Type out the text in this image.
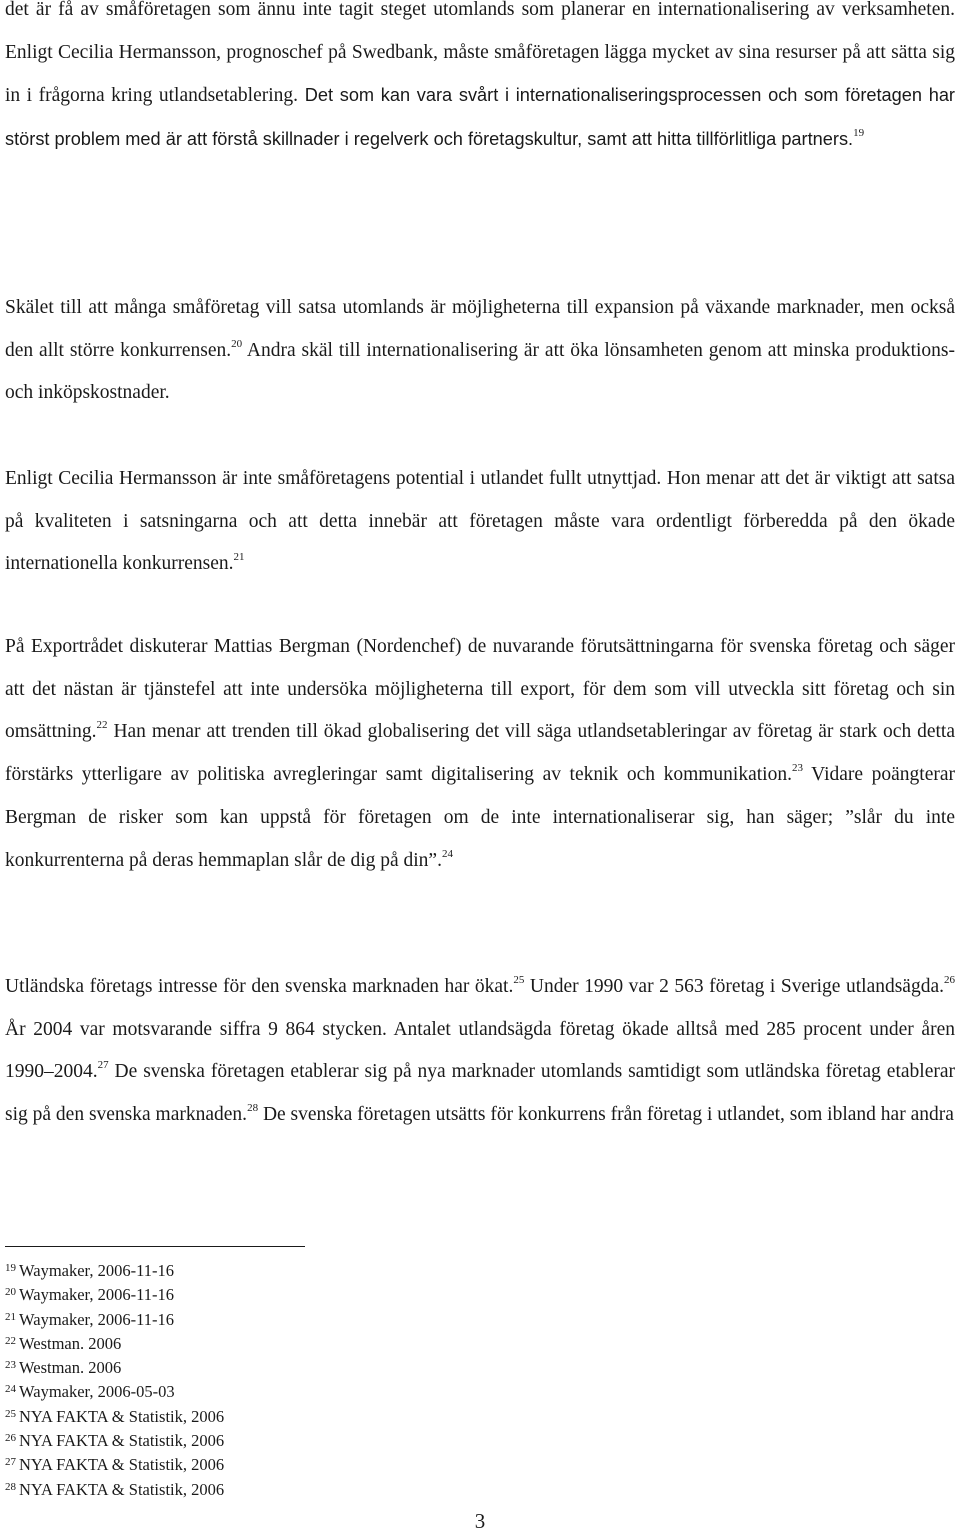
det är få av småföretagen som ännu inte tagit steget utomlands som planerar en internationalisering av verksamheten. Enligt Cecilia Hermansson, prognoschef på Swedbank, måste småföretagen lägga mycket av sina resurser på att sätta sig in i frågorna kring utlandsetablering. Det som kan vara svårt i internationaliseringsprocessen och som företagen har störst problem med är att förstå skillnader i regelverk och företagskultur, samt att hitta tillförlitliga partners.$^{19}$

Skälet till att många småföretag vill satsa utomlands är möjligheterna till expansion på växande marknader, men också den allt större konkurrensen.$^{20}$ Andra skäl till internationalisering är att öka lönsamheten genom att minska produktions- och inköpskostnader.

Enligt Cecilia Hermansson är inte småföretagens potential i utlandet fullt utnyttjad. Hon menar att det är viktigt att satsa på kvaliteten i satsningarna och att detta innebär att företagen måste vara ordentligt förberedda på den ökade internationella konkurrensen.$^{21}$

På Exportrådet diskuterar Mattias Bergman (Nordenchef) de nuvarande förutsättningarna för svenska företag och säger att det nästan är tjänstefel att inte undersöka möjligheterna till export, för dem som vill utveckla sitt företag och sin omsättning.$^{22}$ Han menar att trenden till ökad globalisering det vill säga utlandsetableringar av företag är stark och detta förstärks ytterligare av politiska avregleringar samt digitalisering av teknik och kommunikation.$^{23}$ Vidare poängterar Bergman de risker som kan uppstå för företagen om de inte internationaliserar sig, han säger; ”slår du inte konkurrenterna på deras hemmaplan slår de dig på din”.$^{24}$

Utländska företags intresse för den svenska marknaden har ökat.$^{25}$ Under 1990 var 2 563 företag i Sverige utlandsägda.$^{26}$ År 2004 var motsvarande siffra 9 864 stycken. Antalet utlandsägda företag ökade alltså med 285 procent under åren 1990–2004.27 De svenska företagen etablerar sig på nya marknader utomlands samtidigt som utländska företag etablerar sig på den svenska marknaden.$^{28}$ De svenska företagen utsätts för konkurrens från företag i utlandet, som ibland har andra

$^{19}$ Waymaker, 2006-11-16
$^{20}$ Waymaker, 2006-11-16
$^{21}$ Waymaker, 2006-11-16
$^{22}$ Westman. 2006
$^{23}$ Westman. 2006
$^{24}$ Waymaker, 2006-05-03
$^{25}$ NYA FAKTA & Statistik, 2006
$^{26}$ NYA FAKTA & Statistik, 2006
$^{27}$ NYA FAKTA & Statistik, 2006
$^{28}$ NYA FAKTA & Statistik, 2006
3
